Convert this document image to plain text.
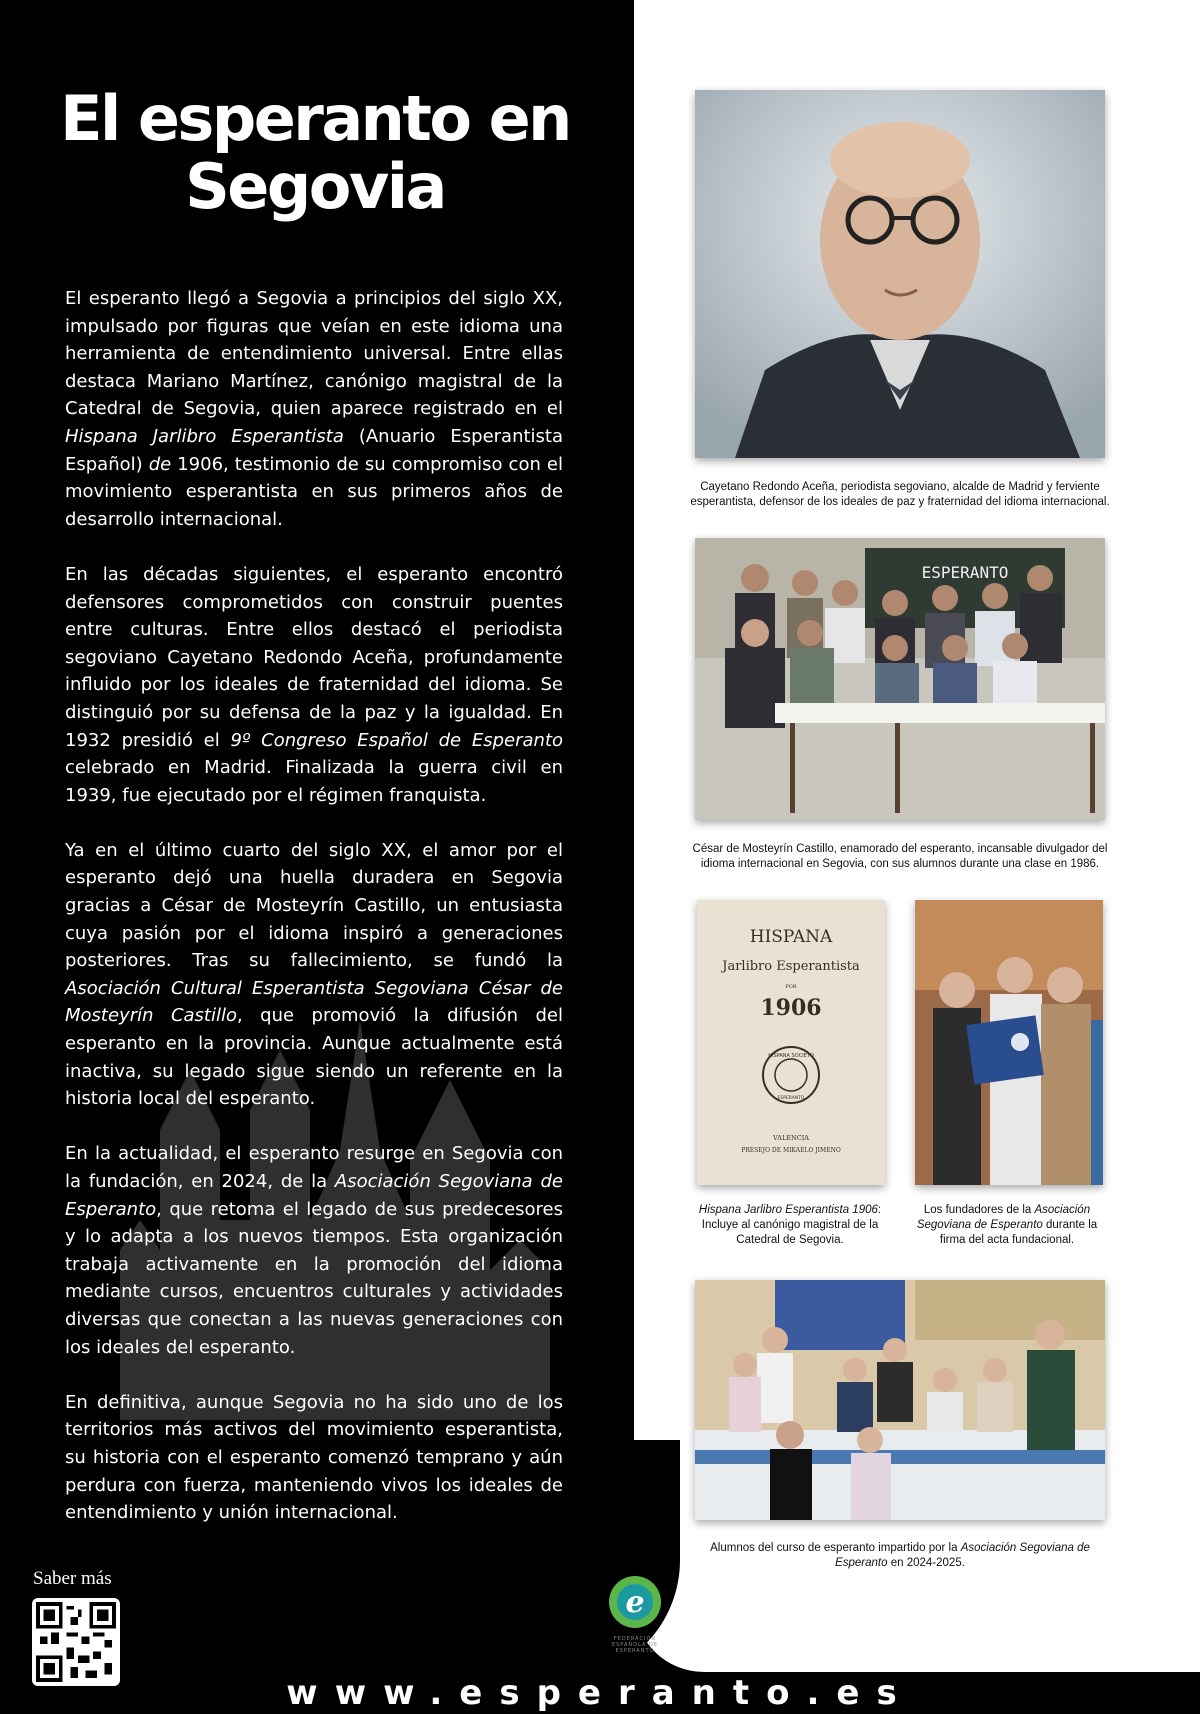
El esperanto en
Segovia

El esperanto llegó a Segovia a principios del siglo XX, impulsado por figuras que veían en este idioma una herramienta de entendimiento universal. Entre ellas destaca Mariano Martínez, canónigo magistral de la Catedral de Segovia, quien aparece registrado en el Hispana Jarlibro Esperantista (Anuario Esperantista Español) de 1906, testimonio de su compromiso con el movimiento esperantista en sus primeros años de desarrollo internacional.

En las décadas siguientes, el esperanto encontró defensores comprometidos con construir puentes entre culturas. Entre ellos destacó el periodista segoviano Cayetano Redondo Aceña, profundamente influido por los ideales de fraternidad del idioma. Se distinguió por su defensa de la paz y la igualdad. En 1932 presidió el 9º Congreso Español de Esperanto celebrado en Madrid. Finalizada la guerra civil en 1939, fue ejecutado por el régimen franquista.

Ya en el último cuarto del siglo XX, el amor por el esperanto dejó una huella duradera en Segovia gracias a César de Mosteyrín Castillo, un entusiasta cuya pasión por el idioma inspiró a generaciones posteriores. Tras su fallecimiento, se fundó la Asociación Cultural Esperantista Segoviana César de Mosteyrín Castillo, que promovió la difusión del esperanto en la provincia. Aunque actualmente está inactiva, su legado sigue siendo un referente en la historia local del esperanto.

En la actualidad, el esperanto resurge en Segovia con la fundación, en 2024, de la Asociación Segoviana de Esperanto, que retoma el legado de sus predecesores y lo adapta a los nuevos tiempos. Esta organización trabaja activamente en la promoción del idioma mediante cursos, encuentros culturales y actividades diversas que conectan a las nuevas generaciones con los ideales del esperanto.

En definitiva, aunque Segovia no ha sido uno de los territorios más activos del movimiento esperantista, su historia con el esperanto comenzó temprano y aún perdura con fuerza, manteniendo vivos los ideales de entendimiento y unión internacional.

Cayetano Redondo Aceña, periodista segoviano, alcalde de Madrid y ferviente esperantista, defensor de los ideales de paz y fraternidad del idioma internacional.
ESPERANTO
César de Mosteyrín Castillo, enamorado del esperanto, incansable divulgador del idioma internacional en Segovia, con sus alumnos durante una clase en 1986.
HISPANA
Jarlibro Esperantista
POR
1906
HISPANA SOCIETO
ESPERANTO
VALENCIA
PRESEJO DE MIKAELO JIMENO
Hispana Jarlibro Esperantista 1906: Incluye al canónigo magistral de la Catedral de Segovia.
Los fundadores de la Asociación Segoviana de Esperanto durante la firma del acta fundacional.
Alumnos del curso de esperanto impartido por la Asociación Segoviana de Esperanto en 2024-2025.
e
FEDERACION ESPAÑOLA DE ESPERANTO
Saber más
www.esperanto.es
